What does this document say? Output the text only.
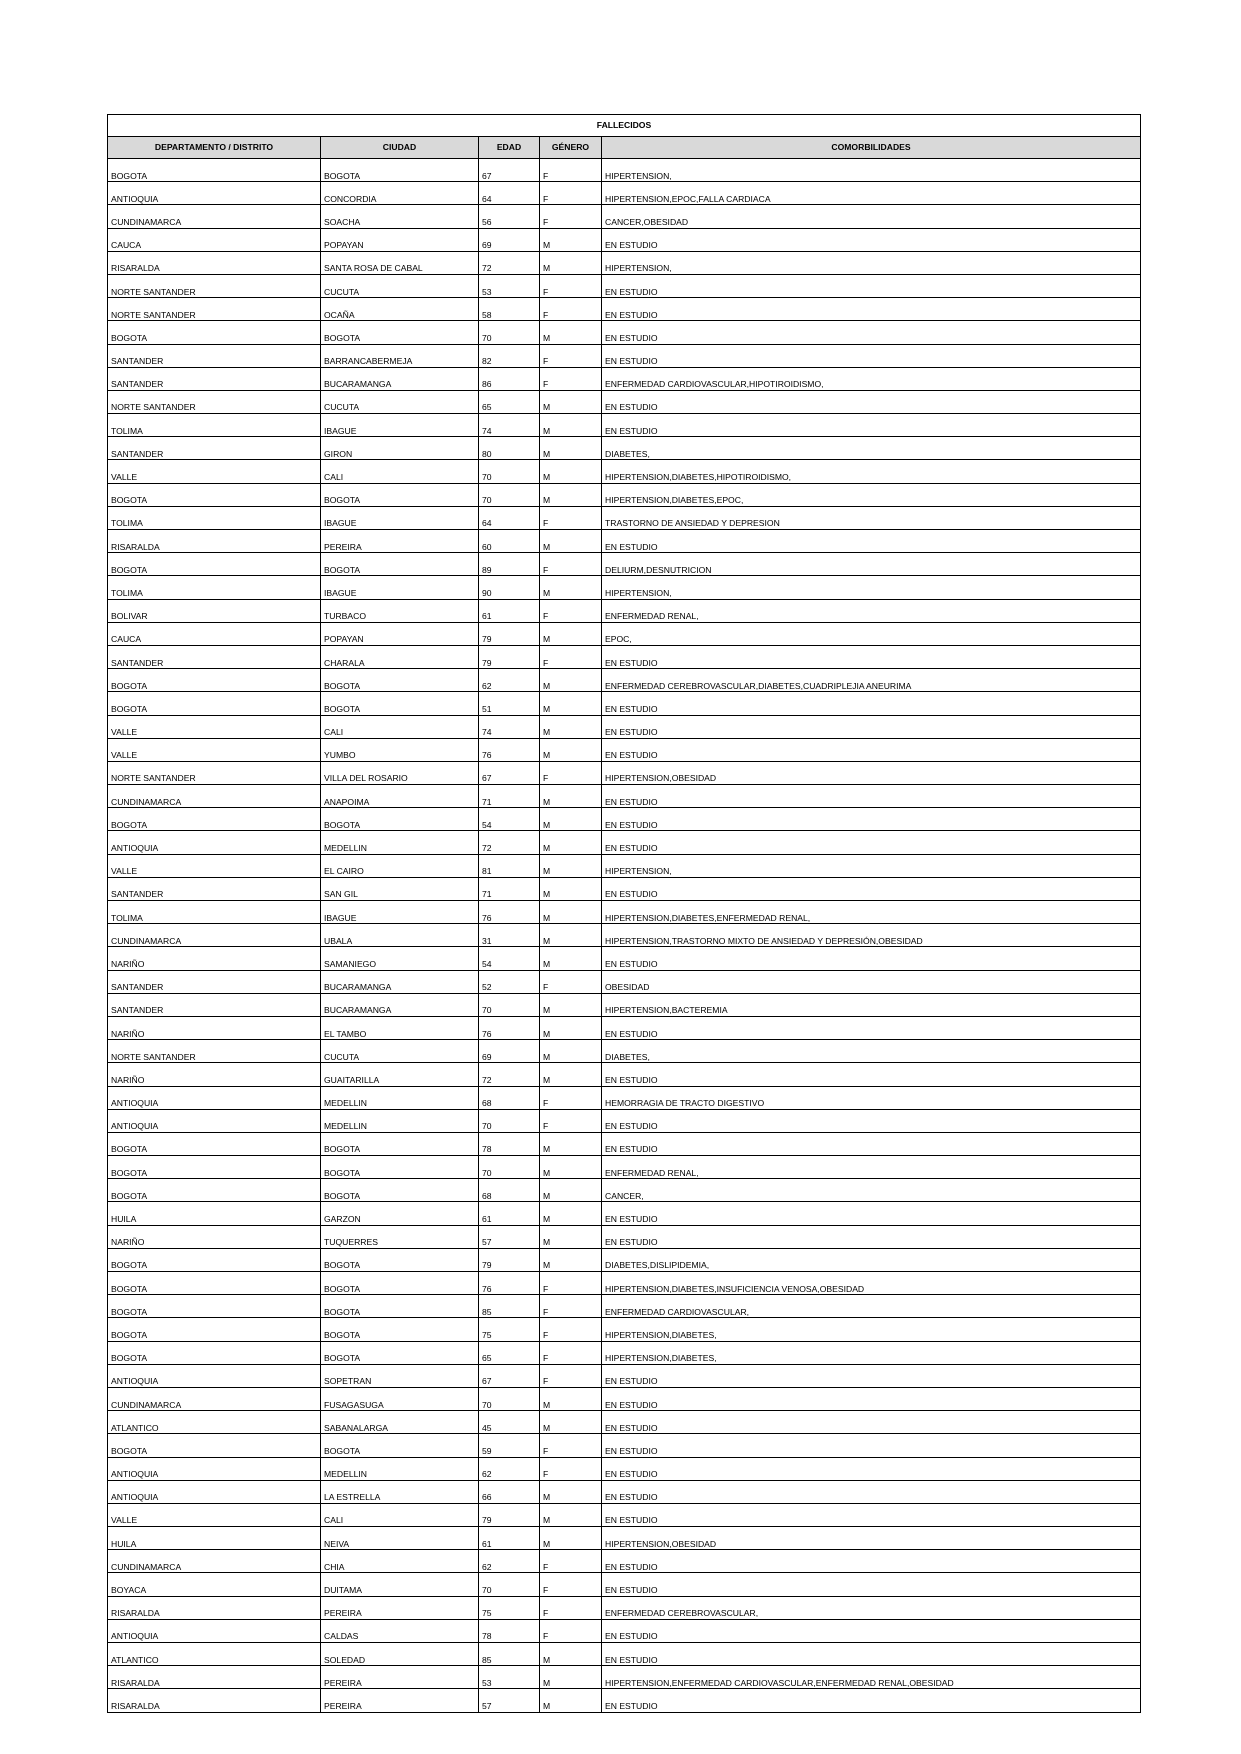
FALLECIDOS				
DEPARTAMENTO / DISTRITO	CIUDAD	EDAD	GÉNERO	COMORBILIDADES
BOGOTA	BOGOTA	67	F	HIPERTENSION,
ANTIOQUIA	CONCORDIA	64	F	HIPERTENSION,EPOC,FALLA CARDIACA
CUNDINAMARCA	SOACHA	56	F	CANCER,OBESIDAD
CAUCA	POPAYAN	69	M	EN ESTUDIO
RISARALDA	SANTA ROSA DE CABAL	72	M	HIPERTENSION,
NORTE SANTANDER	CUCUTA	53	F	EN ESTUDIO
NORTE SANTANDER	OCAÑA	58	F	EN ESTUDIO
BOGOTA	BOGOTA	70	M	EN ESTUDIO
SANTANDER	BARRANCABERMEJA	82	F	EN ESTUDIO
SANTANDER	BUCARAMANGA	86	F	ENFERMEDAD CARDIOVASCULAR,HIPOTIROIDISMO,
NORTE SANTANDER	CUCUTA	65	M	EN ESTUDIO
TOLIMA	IBAGUE	74	M	EN ESTUDIO
SANTANDER	GIRON	80	M	DIABETES,
VALLE	CALI	70	M	HIPERTENSION,DIABETES,HIPOTIROIDISMO,
BOGOTA	BOGOTA	70	M	HIPERTENSION,DIABETES,EPOC,
TOLIMA	IBAGUE	64	F	TRASTORNO DE ANSIEDAD Y DEPRESION
RISARALDA	PEREIRA	60	M	EN ESTUDIO
BOGOTA	BOGOTA	89	F	DELIURM,DESNUTRICION
TOLIMA	IBAGUE	90	M	HIPERTENSION,
BOLIVAR	TURBACO	61	F	ENFERMEDAD RENAL,
CAUCA	POPAYAN	79	M	EPOC,
SANTANDER	CHARALA	79	F	EN ESTUDIO
BOGOTA	BOGOTA	62	M	ENFERMEDAD CEREBROVASCULAR,DIABETES,CUADRIPLEJIA ANEURIMA
BOGOTA	BOGOTA	51	M	EN ESTUDIO
VALLE	CALI	74	M	EN ESTUDIO
VALLE	YUMBO	76	M	EN ESTUDIO
NORTE SANTANDER	VILLA DEL ROSARIO	67	F	HIPERTENSION,OBESIDAD
CUNDINAMARCA	ANAPOIMA	71	M	EN ESTUDIO
BOGOTA	BOGOTA	54	M	EN ESTUDIO
ANTIOQUIA	MEDELLIN	72	M	EN ESTUDIO
VALLE	EL CAIRO	81	M	HIPERTENSION,
SANTANDER	SAN GIL	71	M	EN ESTUDIO
TOLIMA	IBAGUE	76	M	HIPERTENSION,DIABETES,ENFERMEDAD RENAL,
CUNDINAMARCA	UBALA	31	M	HIPERTENSION,TRASTORNO MIXTO DE ANSIEDAD Y DEPRESIÓN,OBESIDAD
NARIÑO	SAMANIEGO	54	M	EN ESTUDIO
SANTANDER	BUCARAMANGA	52	F	OBESIDAD
SANTANDER	BUCARAMANGA	70	M	HIPERTENSION,BACTEREMIA
NARIÑO	EL TAMBO	76	M	EN ESTUDIO
NORTE SANTANDER	CUCUTA	69	M	DIABETES,
NARIÑO	GUAITARILLA	72	M	EN ESTUDIO
ANTIOQUIA	MEDELLIN	68	F	HEMORRAGIA DE TRACTO DIGESTIVO
ANTIOQUIA	MEDELLIN	70	F	EN ESTUDIO
BOGOTA	BOGOTA	78	M	EN ESTUDIO
BOGOTA	BOGOTA	70	M	ENFERMEDAD RENAL,
BOGOTA	BOGOTA	68	M	CANCER,
HUILA	GARZON	61	M	EN ESTUDIO
NARIÑO	TUQUERRES	57	M	EN ESTUDIO
BOGOTA	BOGOTA	79	M	DIABETES,DISLIPIDEMIA,
BOGOTA	BOGOTA	76	F	HIPERTENSION,DIABETES,INSUFICIENCIA VENOSA,OBESIDAD
BOGOTA	BOGOTA	85	F	ENFERMEDAD CARDIOVASCULAR,
BOGOTA	BOGOTA	75	F	HIPERTENSION,DIABETES,
BOGOTA	BOGOTA	65	F	HIPERTENSION,DIABETES,
ANTIOQUIA	SOPETRAN	67	F	EN ESTUDIO
CUNDINAMARCA	FUSAGASUGA	70	M	EN ESTUDIO
ATLANTICO	SABANALARGA	45	M	EN ESTUDIO
BOGOTA	BOGOTA	59	F	EN ESTUDIO
ANTIOQUIA	MEDELLIN	62	F	EN ESTUDIO
ANTIOQUIA	LA ESTRELLA	66	M	EN ESTUDIO
VALLE	CALI	79	M	EN ESTUDIO
HUILA	NEIVA	61	M	HIPERTENSION,OBESIDAD
CUNDINAMARCA	CHIA	62	F	EN ESTUDIO
BOYACA	DUITAMA	70	F	EN ESTUDIO
RISARALDA	PEREIRA	75	F	ENFERMEDAD CEREBROVASCULAR,
ANTIOQUIA	CALDAS	78	F	EN ESTUDIO
ATLANTICO	SOLEDAD	85	M	EN ESTUDIO
RISARALDA	PEREIRA	53	M	HIPERTENSION,ENFERMEDAD CARDIOVASCULAR,ENFERMEDAD RENAL,OBESIDAD
RISARALDA	PEREIRA	57	M	EN ESTUDIO
